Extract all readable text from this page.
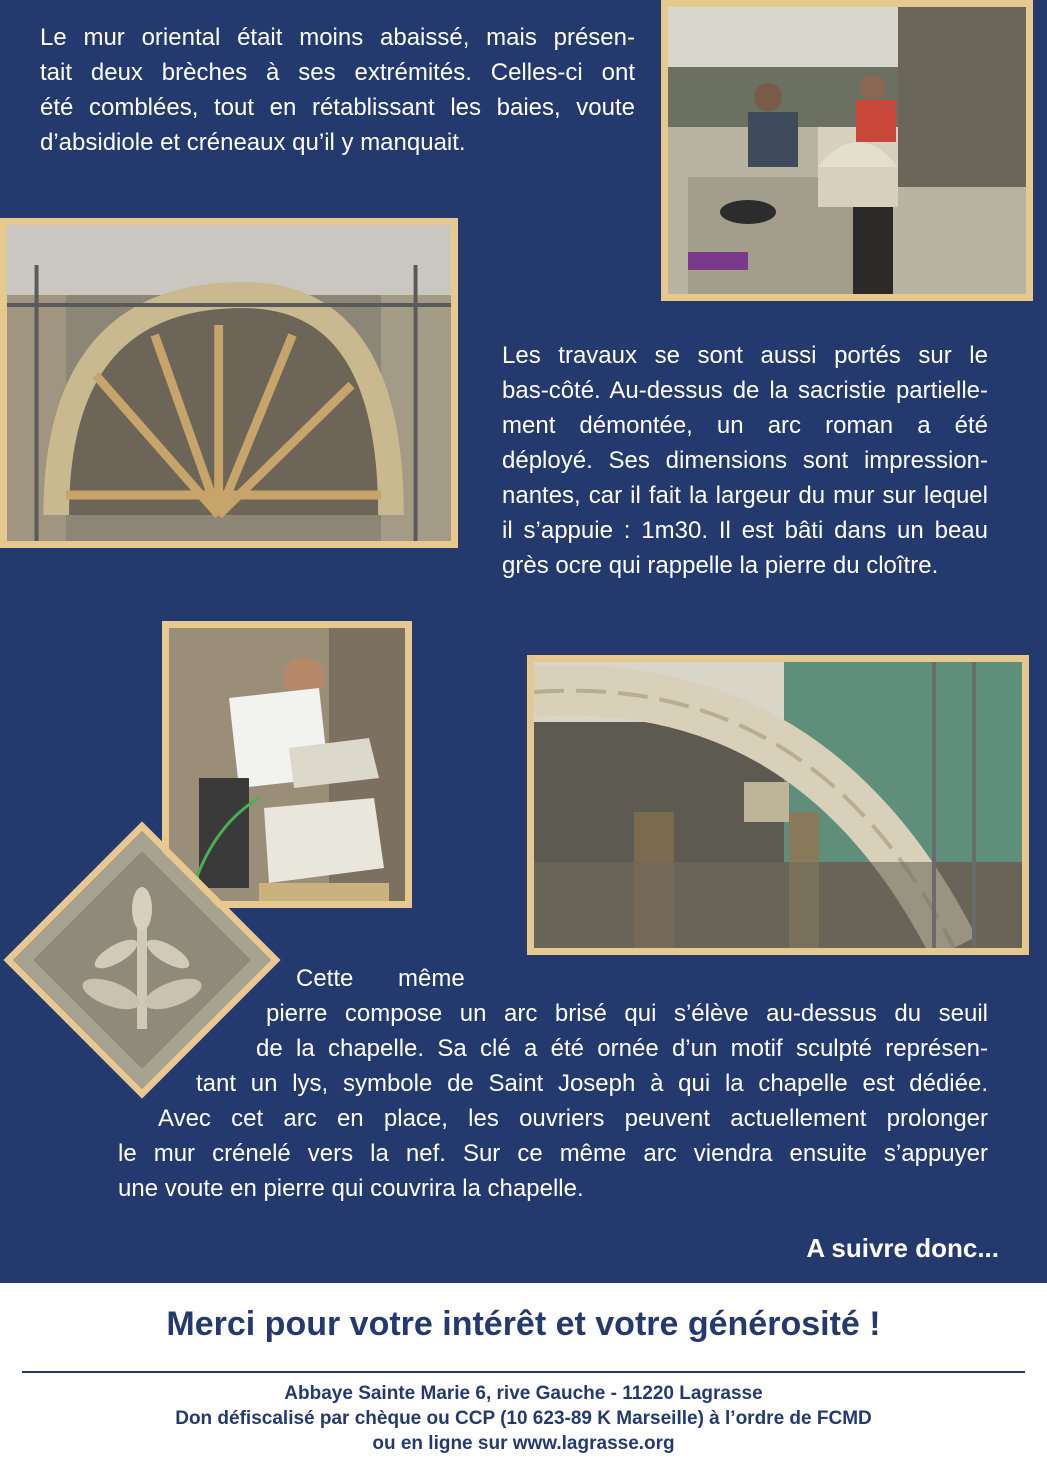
Le mur oriental était moins abaissé, mais présen-
tait deux brèches à ses extrémités. Celles-ci ont
été comblées, tout en rétablissant les baies, voute
d’absidiole et créneaux qu’il y manquait.
Les travaux se sont aussi portés sur le
bas-côté. Au-dessus de la sacristie partielle-
ment démontée, un arc roman a été
déployé. Ses dimensions sont impression-
nantes, car il fait la largeur du mur sur lequel
il s’appuie : 1m30. Il est bâti dans un beau
grès ocre qui rappelle la pierre du cloître.
Cette même
pierre compose un arc brisé qui s’élève au-dessus du seuil
de la chapelle. Sa clé a été ornée d’un motif sculpté représen-
tant un lys, symbole de Saint Joseph à qui la chapelle est dédiée.
Avec cet arc en place, les ouvriers peuvent actuellement prolonger
le mur crénelé vers la nef. Sur ce même arc viendra ensuite s’appuyer
une voute en pierre qui couvrira la chapelle.
A suivre donc...
Merci pour votre intérêt et votre générosité !
Abbaye Sainte Marie 6, rive Gauche - 11220 Lagrasse
Don défiscalisé par chèque ou CCP (10 623-89 K Marseille) à l’ordre de FCMD
ou en ligne sur www.lagrasse.org
